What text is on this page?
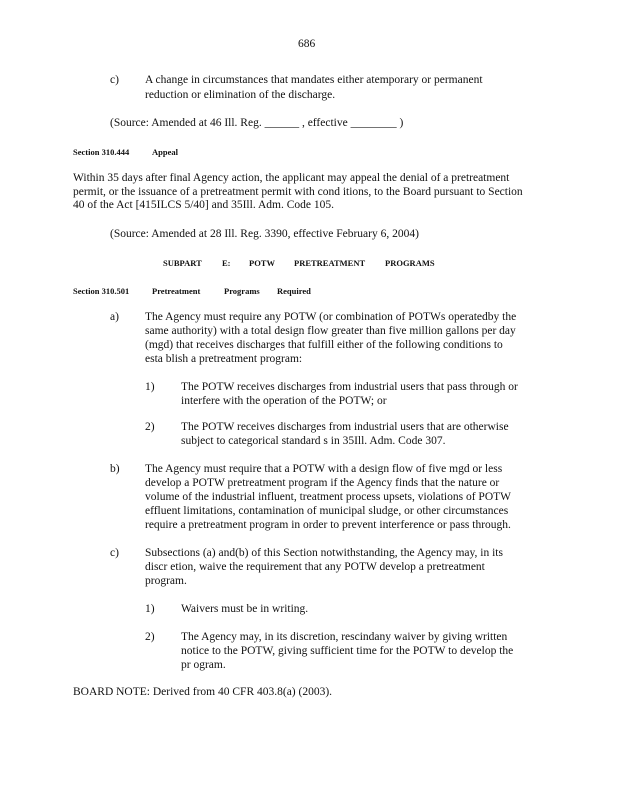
686
c) A change in circumstances that mandates either atemporary or permanent
reduction or elimination of the discharge.
(Source: Amended at 46 Ill. Reg. ______ , effective ________ )
Section 310.444	Appeal
Within 35 days after final Agency action, the applicant may appeal the denial of a pretreatment
permit, or the issuance of a pretreatment permit with cond itions, to the Board pursuant to Section
40 of the Act [415ILCS 5/40] and 35Ill. Adm. Code 105.
(Source: Amended at 28 Ill. Reg. 3390, effective February 6, 2004)
SUBPART E: POTW PRETREATMENT PROGRAMS
Section 310.501	Pretreatment	Programs Required
a) The Agency must require any POTW (or combination of POTWs operatedby the
same authority) with a total design flow greater than five million gallons per day
(mgd) that receives discharges that fulfill either of the following conditions to
esta blish a pretreatment program:
1) The POTW receives discharges from industrial users that pass through or
interfere with the operation of the POTW; or
2) The POTW receives discharges from industrial users that are otherwise
subject to categorical standard s in 35Ill. Adm. Code 307.
b) The Agency must require that a POTW with a design flow of five mgd or less
develop a POTW pretreatment program if the Agency finds that the nature or
volume of the industrial influent, treatment process upsets, violations of POTW
effluent limitations, contamination of municipal sludge, or other circumstances
require a pretreatment program in order to prevent interference or pass through.
c) Subsections (a) and(b) of this Section notwithstanding, the Agency may, in its
discr etion, waive the requirement that any POTW develop a pretreatment
program.
1) Waivers must be in writing.
2) The Agency may, in its discretion, rescindany waiver by giving written
notice to the POTW, giving sufficient time for the POTW to develop the
pr ogram.
BOARD NOTE: Derived from 40 CFR 403.8(a) (2003).
